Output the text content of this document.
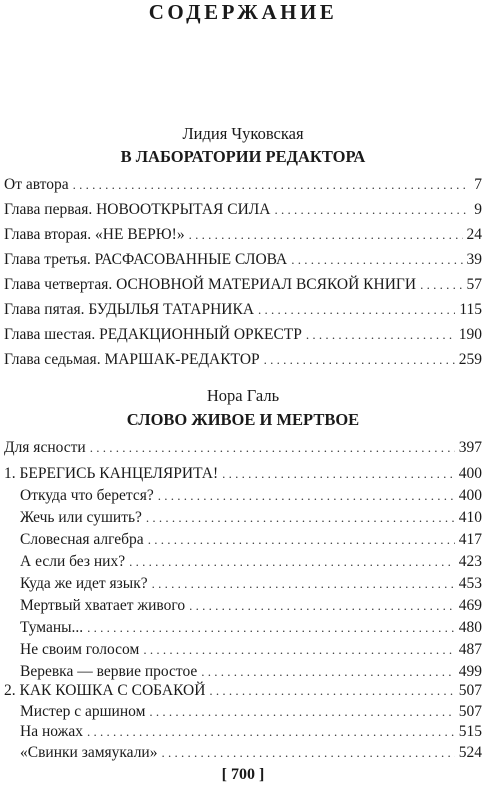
СОДЕРЖАНИЕ
Лидия Чуковская
В ЛАБОРАТОРИИ РЕДАКТОРА
От автора . . .	7
Глава первая. НОВООТКРЫТАЯ СИЛА . . .	9
Глава вторая. «НЕ ВЕРЮ!» . . .	24
Глава третья. РАСФАСОВАННЫЕ СЛОВА . . .	39
Глава четвертая. ОСНОВНОЙ МАТЕРИАЛ ВСЯКОЙ КНИГИ . . .	57
Глава пятая. БУДЫЛЬЯ ТАТАРНИКА . . .	115
Глава шестая. РЕДАКЦИОННЫЙ ОРКЕСТР . . .	190
Глава седьмая. МАРШАК-РЕДАКТОР . . .	259
Нора Галь
СЛОВО ЖИВОЕ И МЕРТВОЕ
Для ясности . . .	397
1. БЕРЕГИСЬ КАНЦЕЛЯРИТА! . . .	400
Откуда что берется? . . .	400
Жечь или сушить? . . .	410
Словесная алгебра . . .	417
А если без них? . . .	423
Куда же идет язык? . . .	453
Мертвый хватает живого . . .	469
Туманы... . . .	480
Не своим голосом . . .	487
Веревка — вервие простое . . .	499
2. КАК КОШКА С СОБАКОЙ . . .	507
Мистер с аршином . . .	507
На ножах . . .	515
[ 700 ]
«Свинки замяукали» . . .	524
